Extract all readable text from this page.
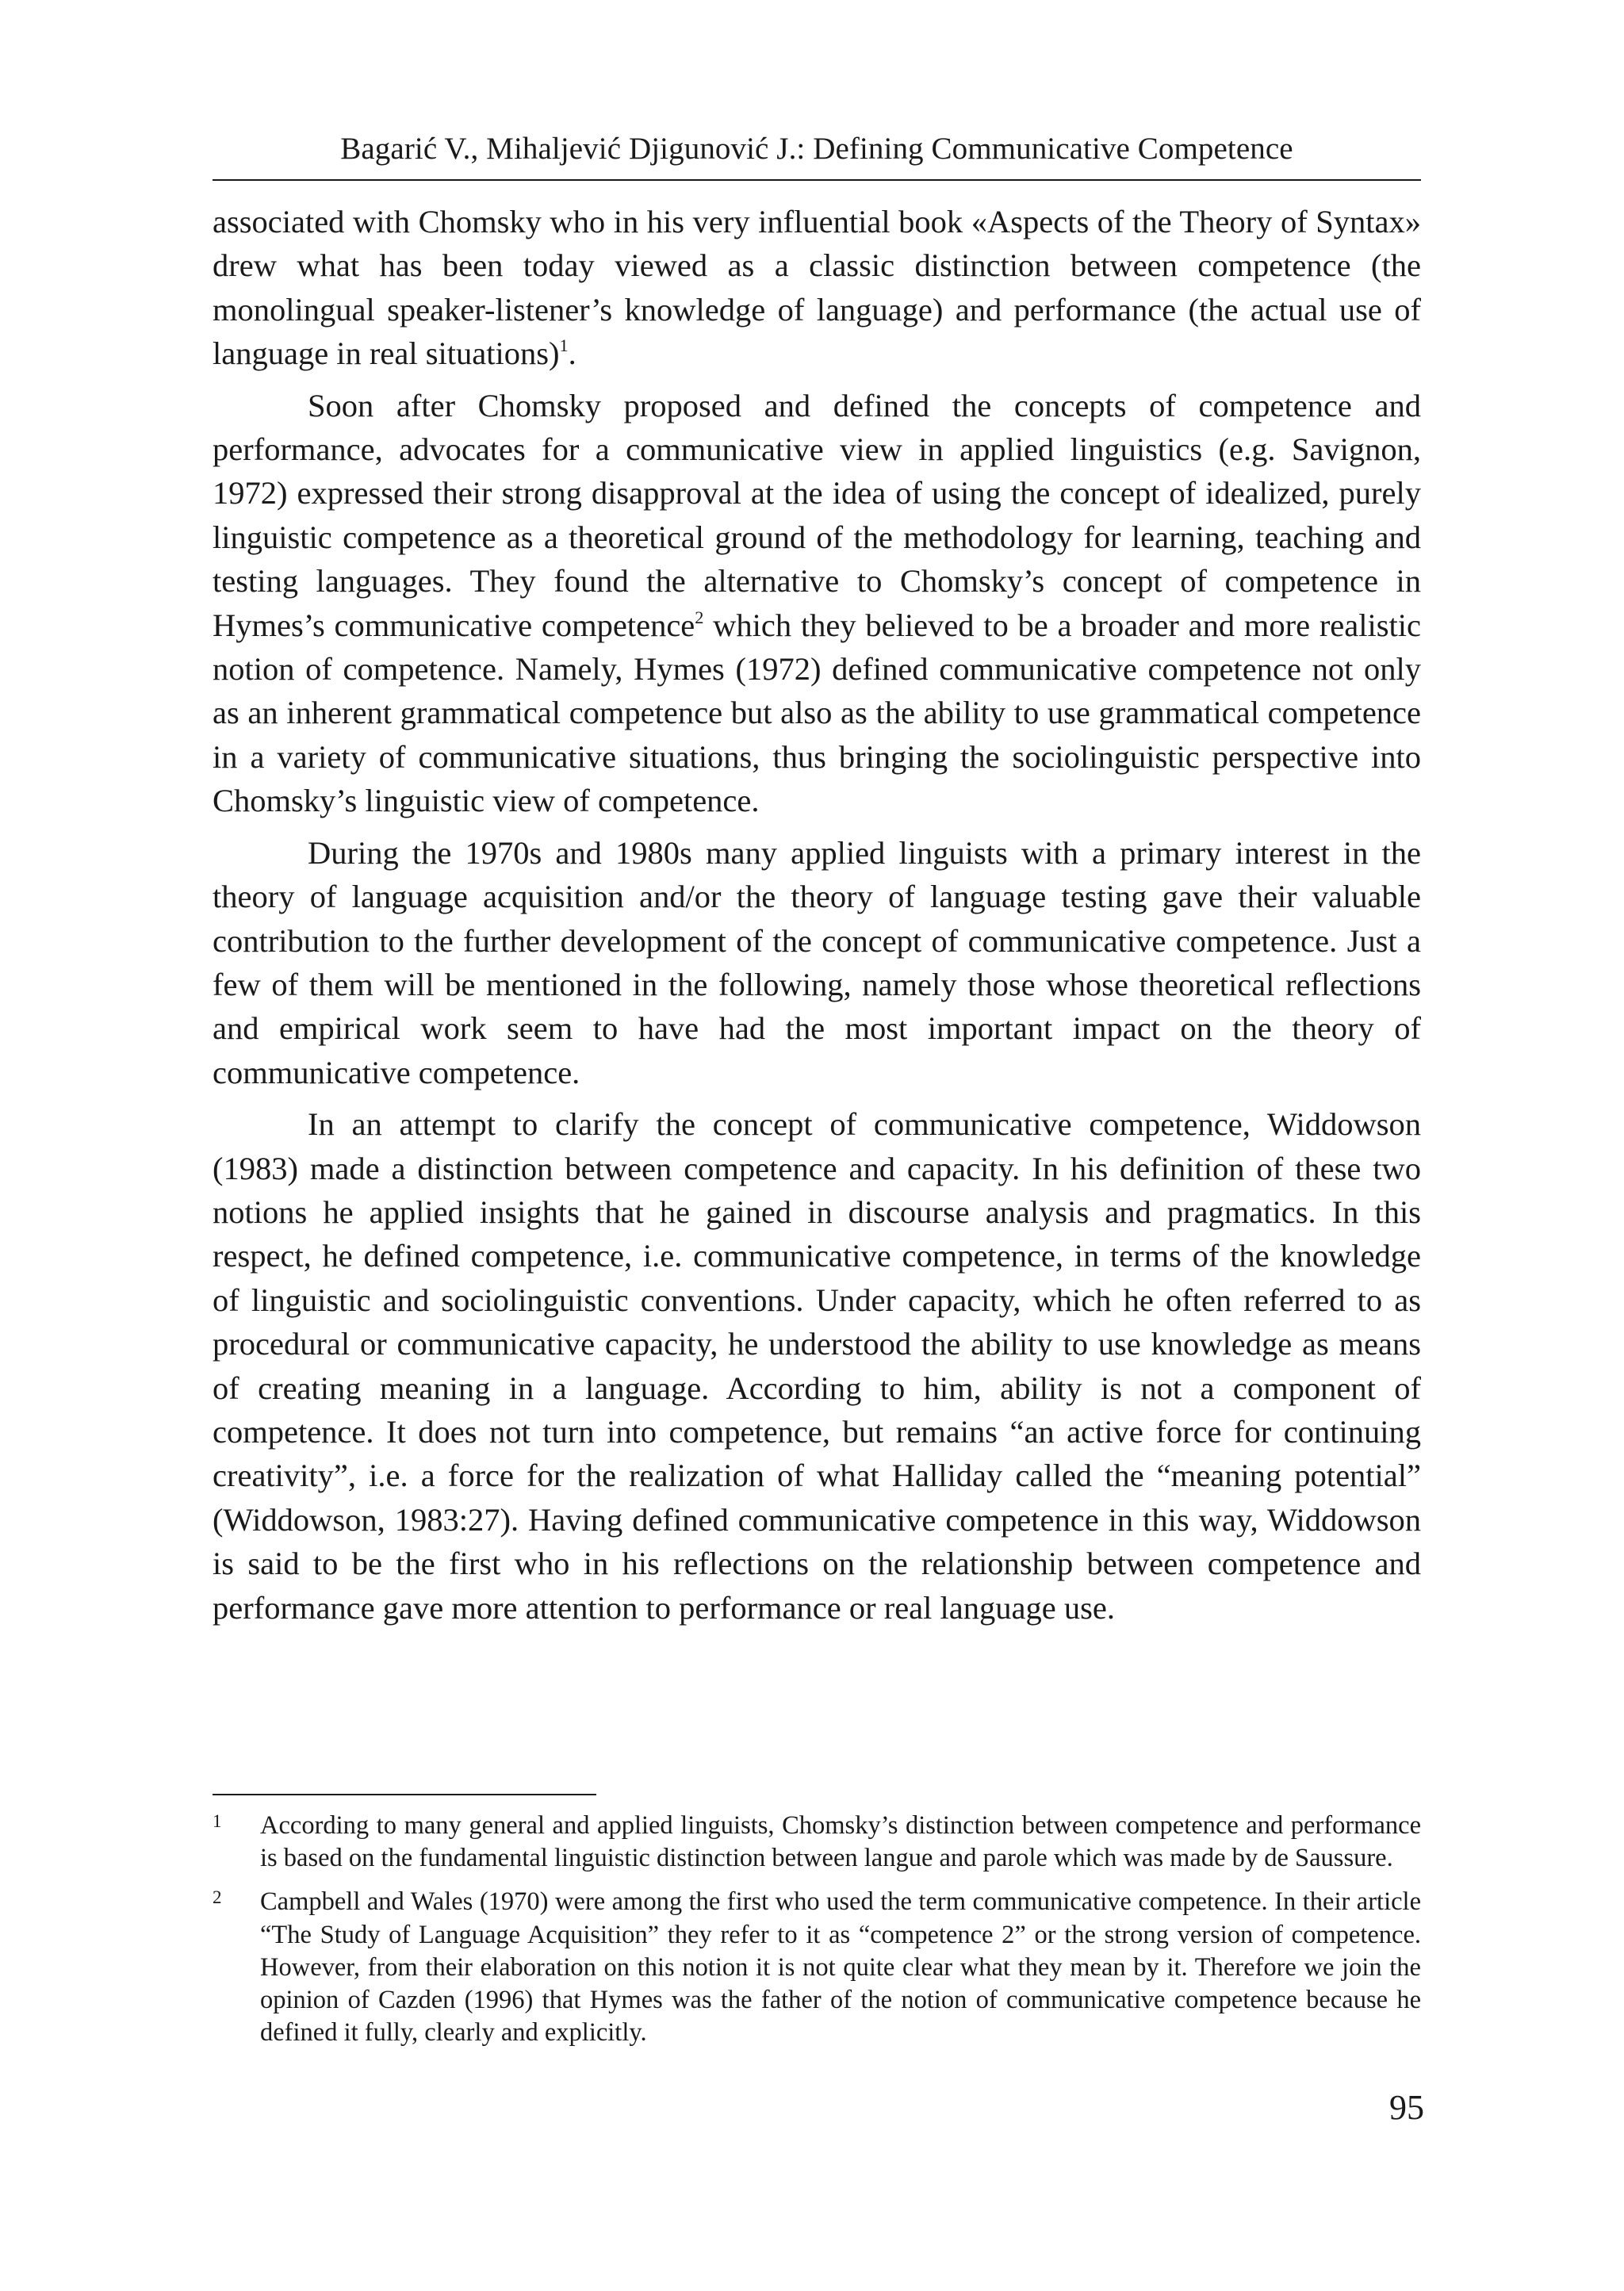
Bagarić V., Mihaljević Djigunović J.: Defining Communicative Competence

associated with Chomsky who in his very influential book «Aspects of the Theory of Syntax» drew what has been today viewed as a classic distinction between competence (the monolingual speaker-listener’s knowledge of language) and performance (the actual use of language in real situations)$^1$.

Soon after Chomsky proposed and defined the concepts of competence and performance, advocates for a communicative view in applied linguistics (e.g. Savignon, 1972) expressed their strong disapproval at the idea of using the concept of idealized, purely linguistic competence as a theoretical ground of the methodology for learning, teaching and testing languages. They found the alternative to Chomsky’s concept of competence in Hymes’s communicative competence$^2$ which they believed to be a broader and more realistic notion of competence. Namely, Hymes (1972) defined communicative competence not only as an inherent grammatical competence but also as the ability to use grammatical competence in a variety of communicative situations, thus bringing the sociolinguistic perspective into Chomsky’s linguistic view of competence.

During the 1970s and 1980s many applied linguists with a primary interest in the theory of language acquisition and/or the theory of language testing gave their valuable contribution to the further development of the concept of communicative competence. Just a few of them will be mentioned in the following, namely those whose theoretical reflections and empirical work seem to have had the most important impact on the theory of communicative competence.

In an attempt to clarify the concept of communicative competence, Widdowson (1983) made a distinction between competence and capacity. In his definition of these two notions he applied insights that he gained in discourse analysis and pragmatics. In this respect, he defined competence, i.e. communicative competence, in terms of the knowledge of linguistic and sociolinguistic conventions. Under capacity, which he often referred to as procedural or communicative capacity, he understood the ability to use knowledge as means of creating meaning in a language. According to him, ability is not a component of competence. It does not turn into competence, but remains “an active force for continuing creativity”, i.e. a force for the realization of what Halliday called the “meaning potential” (Widdowson, 1983:27). Having defined communicative competence in this way, Widdowson is said to be the first who in his reflections on the relationship between competence and performance gave more attention to performance or real language use.

1 According to many general and applied linguists, Chomsky’s distinction between competence and performance is based on the fundamental linguistic distinction between langue and parole which was made by de Saussure.
2 Campbell and Wales (1970) were among the first who used the term communicative competence. In their article “The Study of Language Acquisition” they refer to it as “competence 2” or the strong version of competence. However, from their elaboration on this notion it is not quite clear what they mean by it. Therefore we join the opinion of Cazden (1996) that Hymes was the father of the notion of communicative competence because he defined it fully, clearly and explicitly.
95
